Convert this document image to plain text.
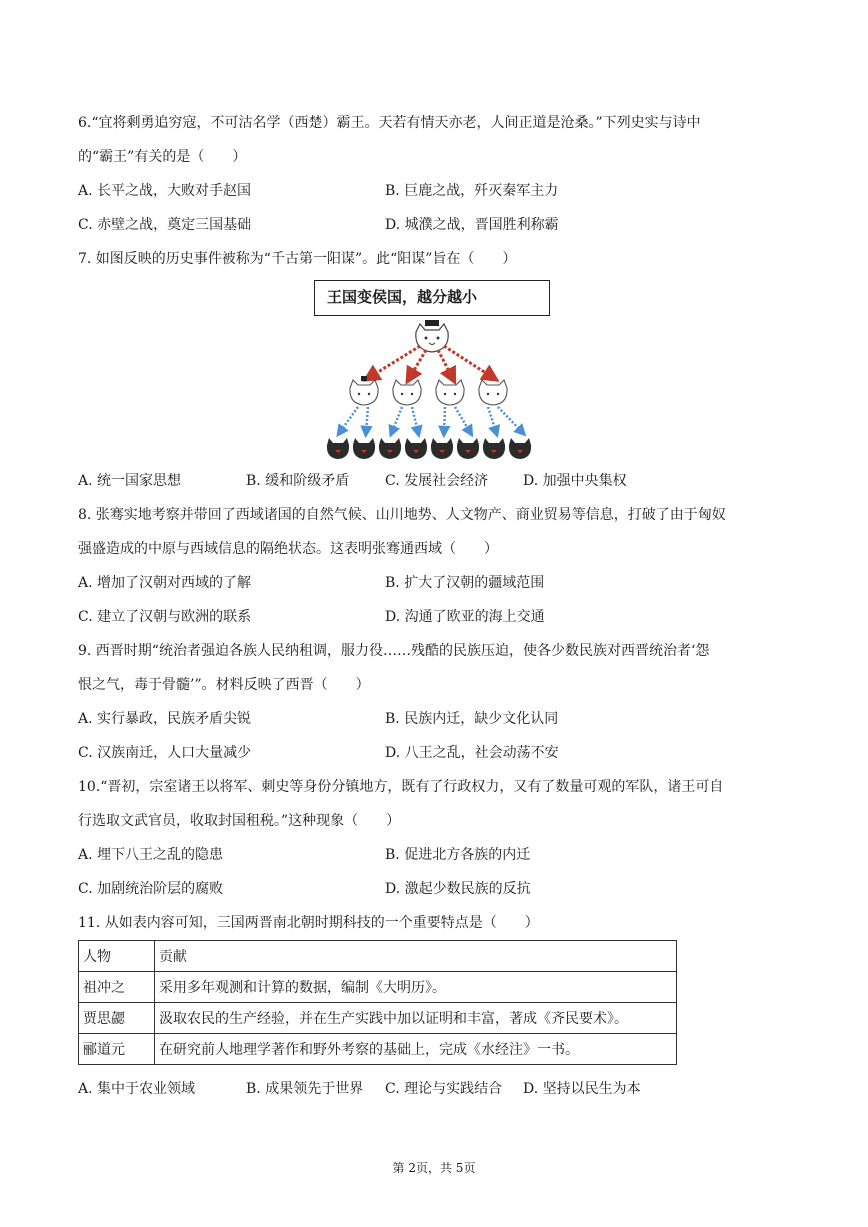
6.“宜将剩勇追穷寇，不可沽名学（西楚）霸王。天若有情天亦老，人间正道是沧桑。”下列史实与诗中
的“霸王”有关的是（　　）
A. 长平之战，大败对手赵国	B. 巨鹿之战，歼灭秦军主力
C. 赤壁之战，奠定三国基础	D. 城濮之战，晋国胜利称霸
7. 如图反映的历史事件被称为“千古第一阳谋”。此“阳谋”旨在（　　）
王国变侯国，越分越小
A. 统一国家思想	B. 缓和阶级矛盾	C. 发展社会经济 D. 加强中央集权
8. 张骞实地考察并带回了西域诸国的自然气候、山川地势、人文物产、商业贸易等信息，打破了由于匈奴
强盛造成的中原与西域信息的隔绝状态。这表明张骞通西域（　　）
A. 增加了汉朝对西域的了解	B. 扩大了汉朝的疆域范围
C. 建立了汉朝与欧洲的联系	D. 沟通了欧亚的海上交通
9. 西晋时期“统治者强迫各族人民纳租调，服力役……残酷的民族压迫，使各少数民族对西晋统治者‘怨
恨之气，毒于骨髓’”。材料反映了西晋（　　）
A. 实行暴政，民族矛盾尖锐	B. 民族内迁，缺少文化认同
C. 汉族南迁，人口大量减少	D. 八王之乱，社会动荡不安
10.“晋初，宗室诸王以将军、刺史等身份分镇地方，既有了行政权力，又有了数量可观的军队，诸王可自
行选取文武官员，收取封国租税。”这种现象（　　）
A. 埋下八王之乱的隐患	B. 促进北方各族的内迁
C. 加剧统治阶层的腐败	D. 激起少数民族的反抗
11. 从如表内容可知，三国两晋南北朝时期科技的一个重要特点是（　　）
人物	贡献
祖冲之	采用多年观测和计算的数据，编制《大明历》。
贾思勰	汲取农民的生产经验，并在生产实践中加以证明和丰富，著成《齐民要术》。
郦道元	在研究前人地理学著作和野外考察的基础上，完成《水经注》一书。
A. 集中于农业领域	B. 成果领先于世界 C. 理论与实践结合 D. 坚持以民生为本
第 2页，共 5页
